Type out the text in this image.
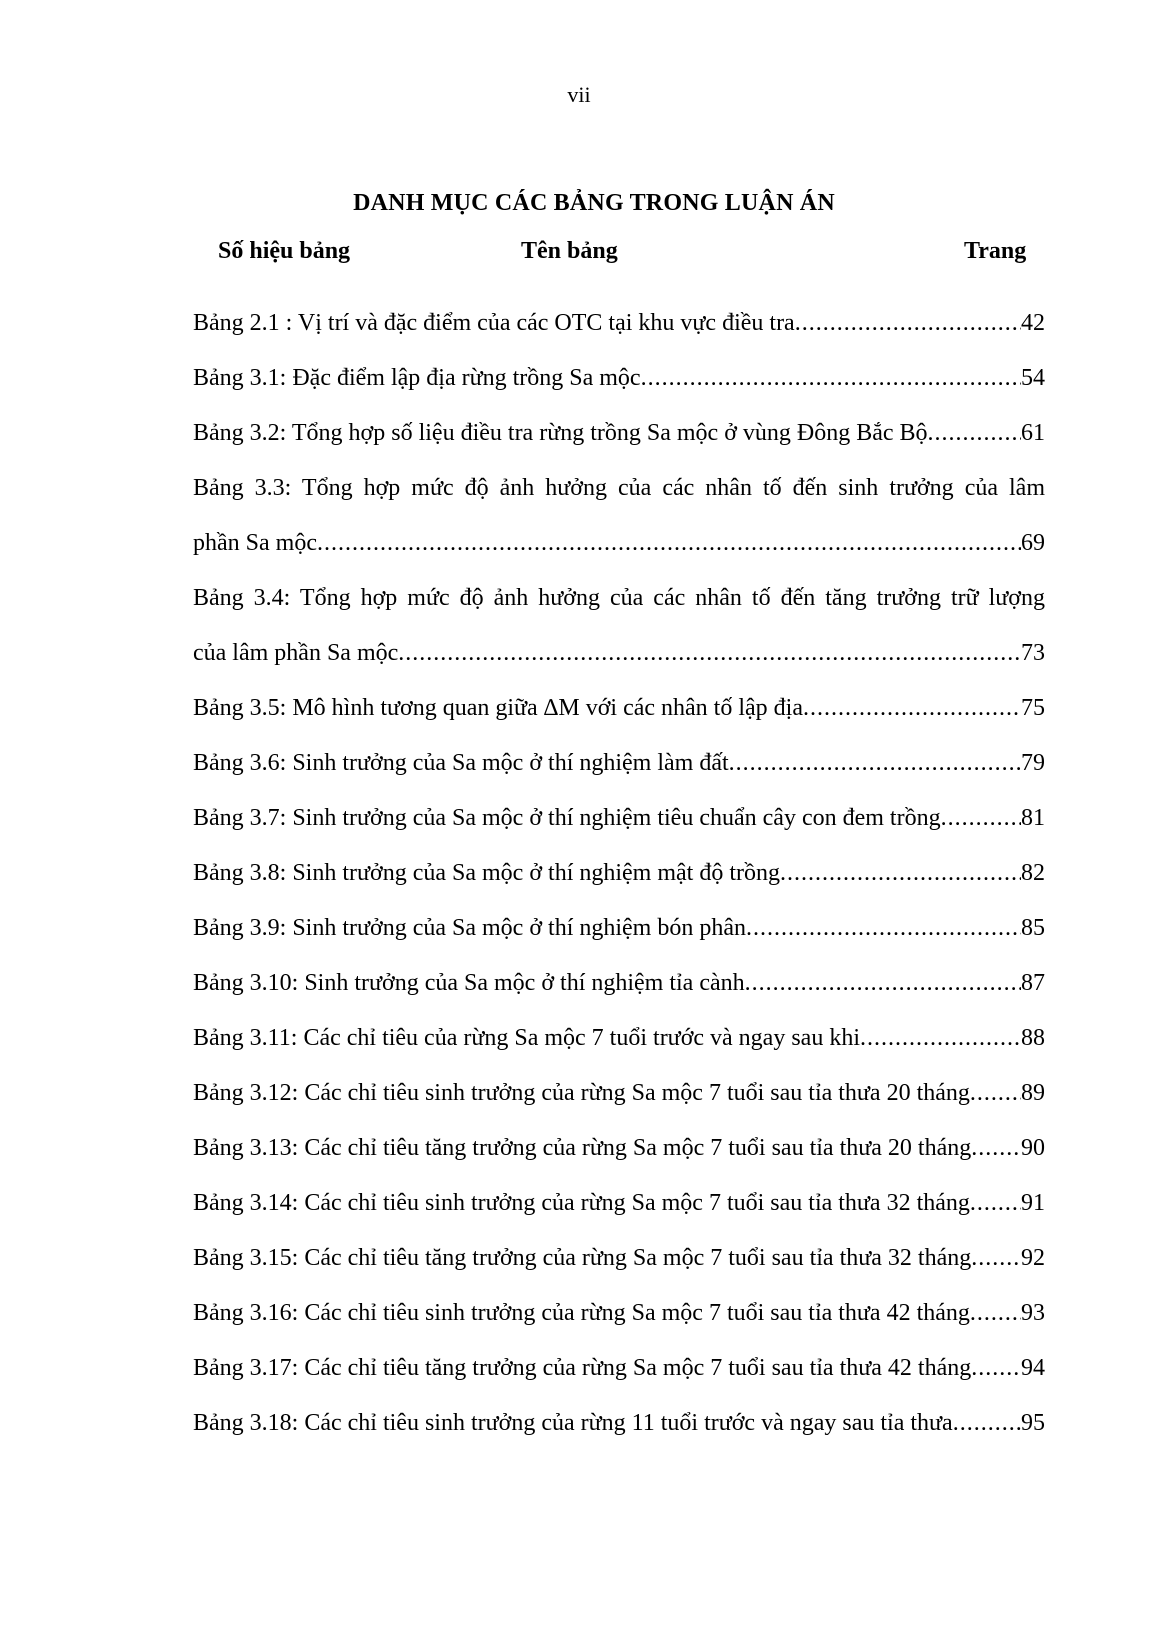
vii
DANH MỤC CÁC BẢNG TRONG LUẬN ÁN
Số hiệu bảng	Tên bảng	Trang
Bảng 2.1 : Vị trí và đặc điểm của các OTC tại khu vực điều tra .....	42
Bảng 3.1: Đặc điểm lập địa rừng trồng Sa mộc .....	54
Bảng 3.2: Tổng hợp số liệu điều tra rừng trồng Sa mộc ở vùng Đông Bắc Bộ .....	61
Bảng 3.3: Tổng hợp mức độ ảnh hưởng của các nhân tố đến sinh trưởng của lâm
phần Sa mộc .....	69
Bảng 3.4: Tổng hợp mức độ ảnh hưởng của các nhân tố đến tăng trưởng trữ lượng
của lâm phần Sa mộc .....	73
Bảng 3.5: Mô hình tương quan giữa ∆M với các nhân tố lập địa .....	75
Bảng 3.6: Sinh trưởng của Sa mộc ở thí nghiệm làm đất .....	79
Bảng 3.7: Sinh trưởng của Sa mộc ở thí nghiệm tiêu chuẩn cây con đem trồng .....	81
Bảng 3.8: Sinh trưởng của Sa mộc ở thí nghiệm mật độ trồng .....	82
Bảng 3.9: Sinh trưởng của Sa mộc ở thí nghiệm bón phân .....	85
Bảng 3.10: Sinh trưởng của Sa mộc ở thí nghiệm tỉa cành .....	87
Bảng 3.11: Các chỉ tiêu của rừng Sa mộc 7 tuổi trước và ngay sau khi .....	88
Bảng 3.12: Các chỉ tiêu sinh trưởng của rừng Sa mộc 7 tuổi sau tỉa thưa 20 tháng ..... 89
Bảng 3.13: Các chỉ tiêu tăng trưởng của rừng Sa mộc 7 tuổi sau tỉa thưa 20 tháng ..... 90
Bảng 3.14: Các chỉ tiêu sinh trưởng của rừng Sa mộc 7 tuổi sau tỉa thưa 32 tháng ..... 91
Bảng 3.15: Các chỉ tiêu tăng trưởng của rừng Sa mộc 7 tuổi sau tỉa thưa 32 tháng ..... 92
Bảng 3.16: Các chỉ tiêu sinh trưởng của rừng Sa mộc 7 tuổi sau tỉa thưa 42 tháng ..... 93
Bảng 3.17: Các chỉ tiêu tăng trưởng của rừng Sa mộc 7 tuổi sau tỉa thưa 42 tháng ..... 94
Bảng 3.18: Các chỉ tiêu sinh trưởng của rừng 11 tuổi trước và ngay sau tỉa thưa .....	95
